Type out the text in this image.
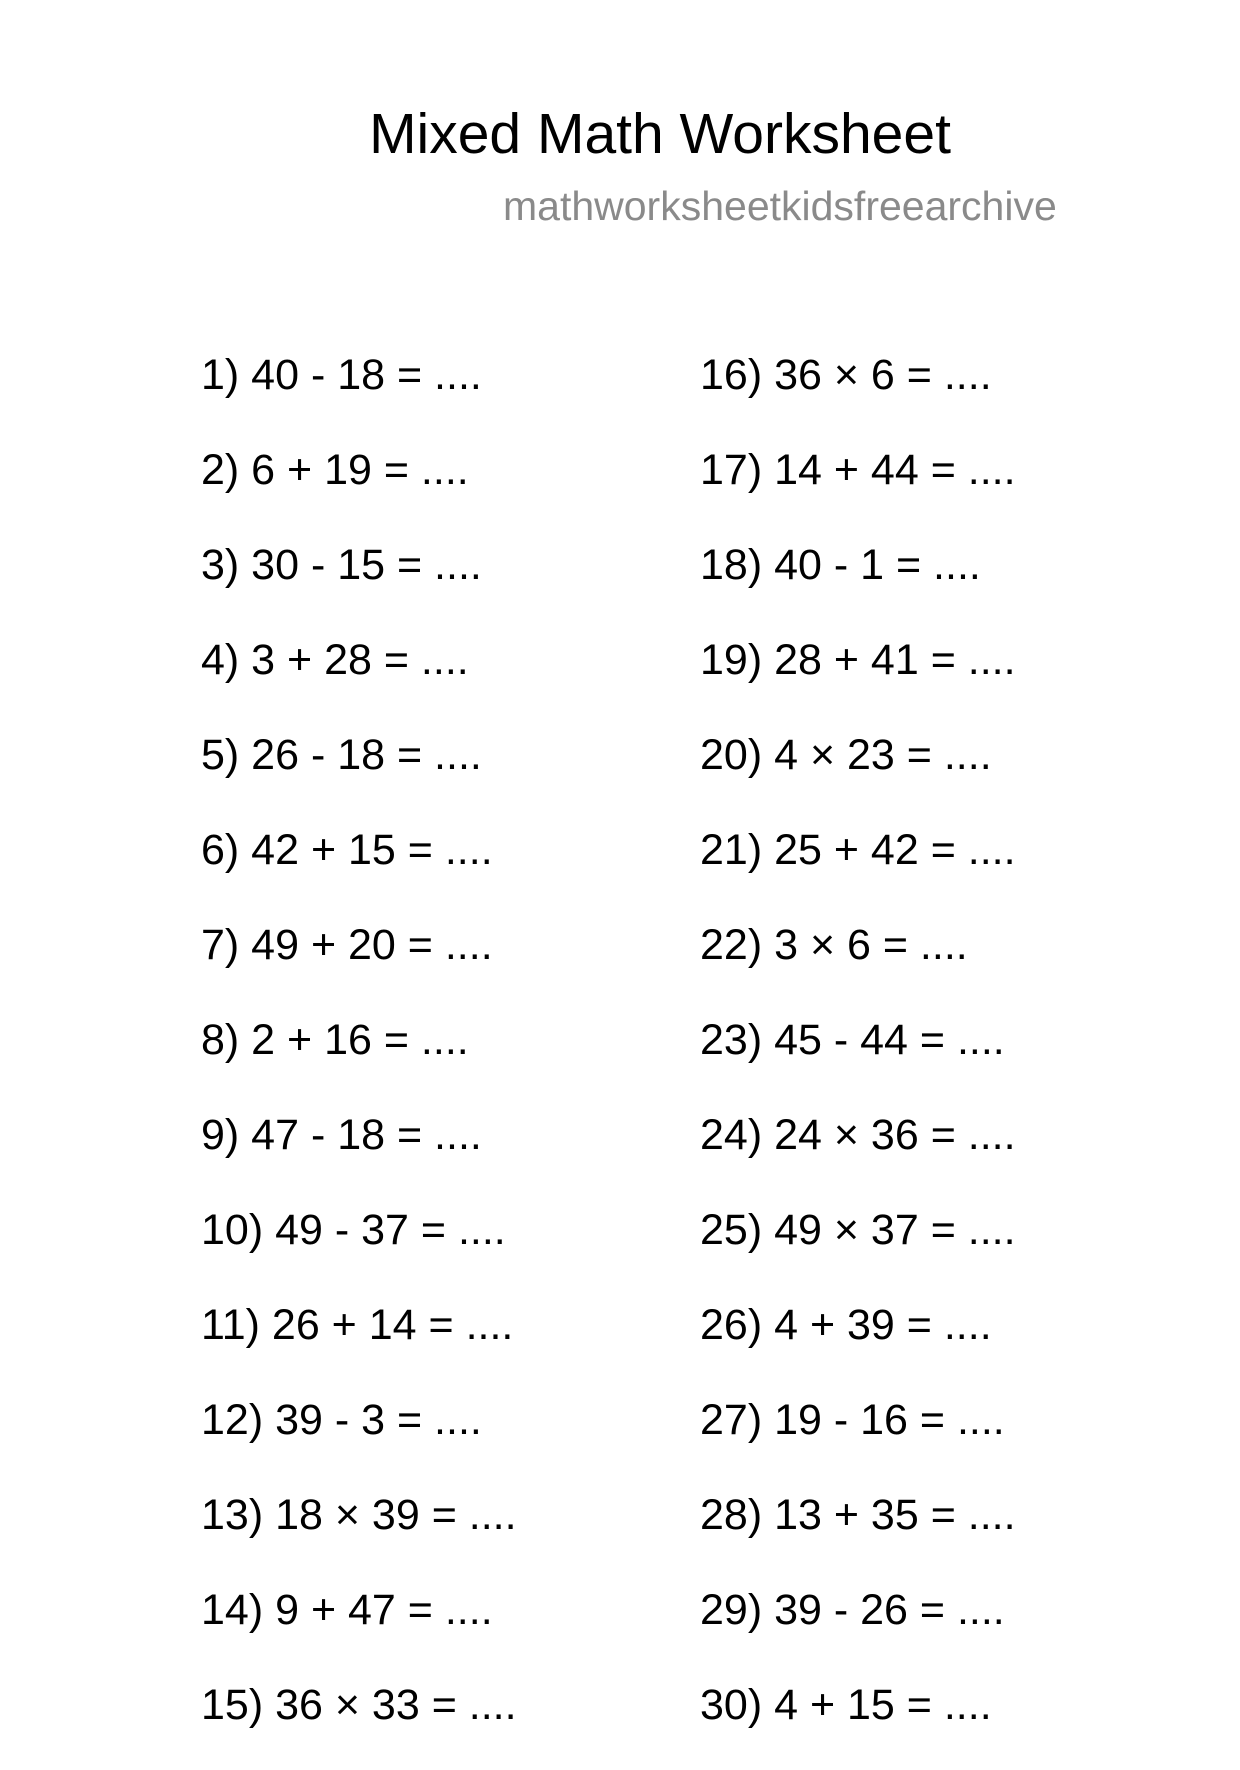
Mixed Math Worksheet
mathworksheetkidsfreearchive
1) 40 - 18 = ....
2) 6 + 19 = ....
3) 30 - 15 = ....
4) 3 + 28 = ....
5) 26 - 18 = ....
6) 42 + 15 = ....
7) 49 + 20 = ....
8) 2 + 16 = ....
9) 47 - 18 = ....
10) 49 - 37 = ....
11) 26 + 14 = ....
12) 39 - 3 = ....
13) 18 × 39 = ....
14) 9 + 47 = ....
15) 36 × 33 = ....
16) 36 × 6 = ....
17) 14 + 44 = ....
18) 40 - 1 = ....
19) 28 + 41 = ....
20) 4 × 23 = ....
21) 25 + 42 = ....
22) 3 × 6 = ....
23) 45 - 44 = ....
24) 24 × 36 = ....
25) 49 × 37 = ....
26) 4 + 39 = ....
27) 19 - 16 = ....
28) 13 + 35 = ....
29) 39 - 26 = ....
30) 4 + 15 = ....
